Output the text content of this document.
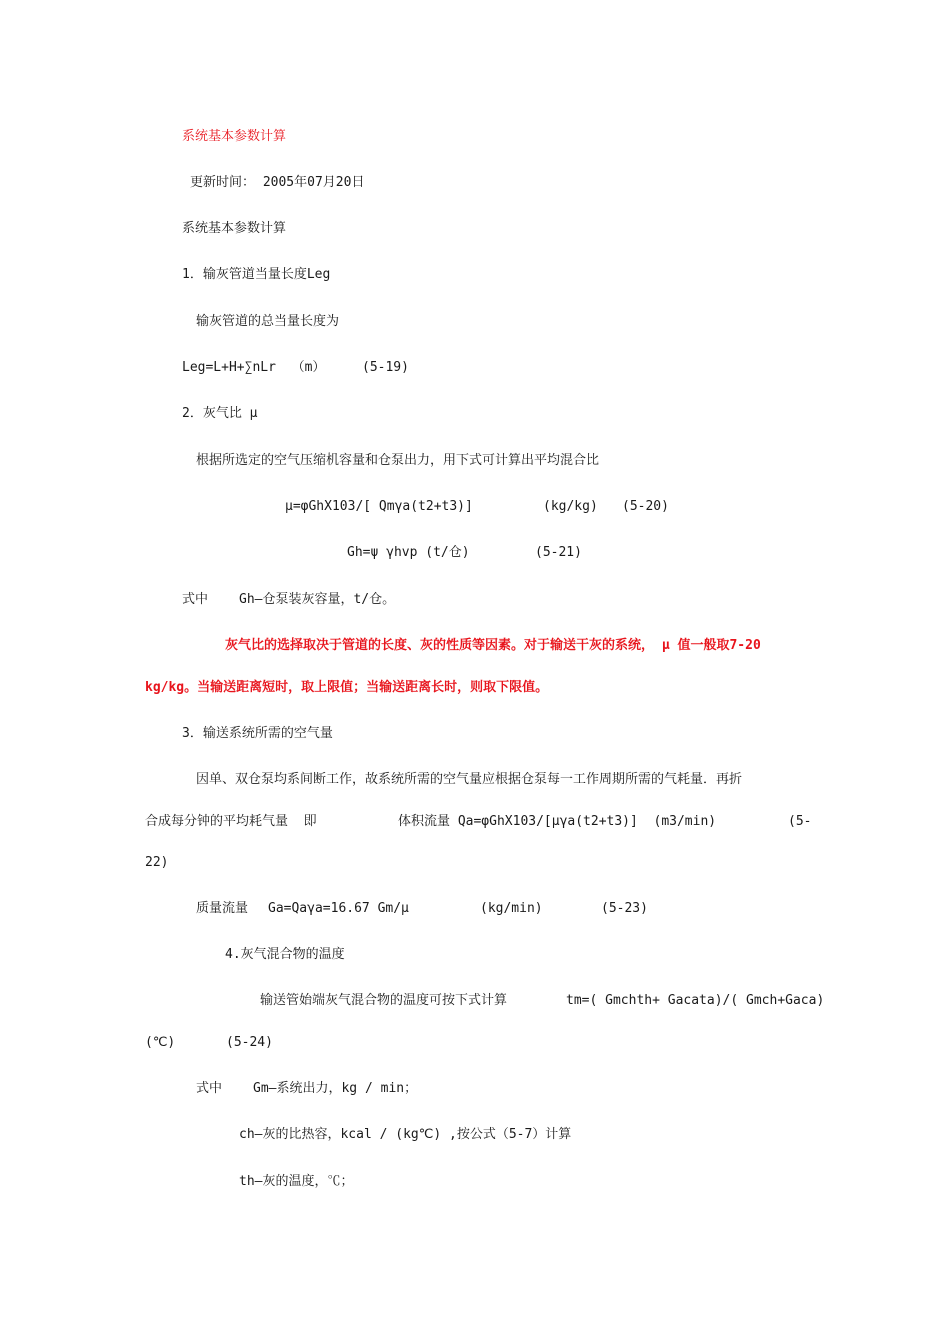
系统基本参数计算
更新时间： 2005年07月20日
系统基本参数计算
1．输灰管道当量长度Leg
输灰管道的总当量长度为
Leg=L+H+∑nLr  （m）	(5-19)
2．灰气比 μ
根据所选定的空气压缩机容量和仓泵出力，用下式可计算出平均混合比
μ=φGhX103/[ Qmγa(t2+t3)]	(kg/kg) (5-20)
Gh=ψ γhvp (t/仓)	(5-21)
式中 Gh—仓泵装灰容量，t/仓。
灰气比的选择取决于管道的长度、灰的性质等因素。对于输送干灰的系统， μ 值一般取7-20
kg/kg。当输送距离短时，取上限值；当输送距离长时，则取下限值。
3．输送系统所需的空气量
因单、双仓泵均系间断工作，故系统所需的空气量应根据仓泵每一工作周期所需的气耗量．再折
合成每分钟的平均耗气量  即	体积流量 Qa=φGhX103/[μγa(t2+t3)]  (m3/min)	(5-
22)
质量流量 Ga=Qaγa=16.67 Gm/μ	(kg/min)	(5-23)
4.灰气混合物的温度
输送管始端灰气混合物的温度可按下式计算	tm=( Gmchth+ Gacata)/( Gmch+Gaca)
(℃)	(5-24)
式中 Gm—系统出力，kg / min；
ch—灰的比热容，kcal / (kg℃) ,按公式（5-7）计算
th—灰的温度，℃；
